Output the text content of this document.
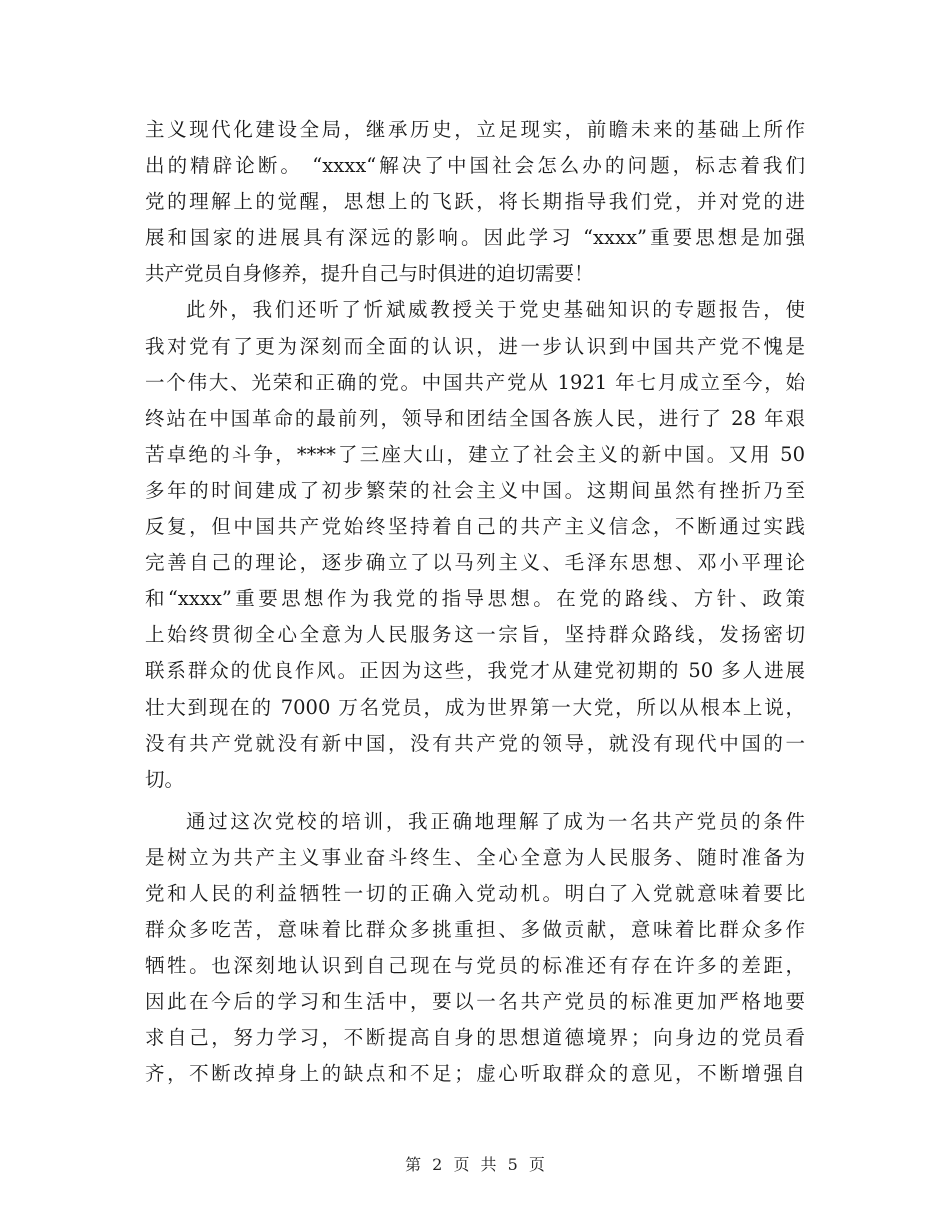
主义现代化建设全局，继承历史，立足现实，前瞻未来的基础上所作
出的精辟论断。 “xxxx“解决了中国社会怎么办的问题，标志着我们
党的理解上的觉醒，思想上的飞跃，将长期指导我们党，并对党的进
展和国家的进展具有深远的影响。因此学习 “xxxx”重要思想是加强
共产党员自身修养，提升自己与时俱进的迫切需要！
此外，我们还听了忻斌威教授关于党史基础知识的专题报告，使
我对党有了更为深刻而全面的认识，进一步认识到中国共产党不愧是
一个伟大、光荣和正确的党。中国共产党从 1921 年七月成立至今，始
终站在中国革命的最前列，领导和团结全国各族人民，进行了 28 年艰
苦卓绝的斗争，****了三座大山，建立了社会主义的新中国。又用 50
多年的时间建成了初步繁荣的社会主义中国。这期间虽然有挫折乃至
反复，但中国共产党始终坚持着自己的共产主义信念，不断通过实践
完善自己的理论，逐步确立了以马列主义、毛泽东思想、邓小平理论
和“xxxx”重要思想作为我党的指导思想。在党的路线、方针、政策
上始终贯彻全心全意为人民服务这一宗旨，坚持群众路线，发扬密切
联系群众的优良作风。正因为这些，我党才从建党初期的 50 多人进展
壮大到现在的 7000 万名党员，成为世界第一大党，所以从根本上说，
没有共产党就没有新中国，没有共产党的领导，就没有现代中国的一
切。
通过这次党校的培训，我正确地理解了成为一名共产党员的条件
是树立为共产主义事业奋斗终生、全心全意为人民服务、随时准备为
党和人民的利益牺牲一切的正确入党动机。明白了入党就意味着要比
群众多吃苦，意味着比群众多挑重担、多做贡献，意味着比群众多作
牺牲。也深刻地认识到自己现在与党员的标准还有存在许多的差距，
因此在今后的学习和生活中，要以一名共产党员的标准更加严格地要
求自己，努力学习，不断提高自身的思想道德境界；向身边的党员看
齐，不断改掉身上的缺点和不足；虚心听取群众的意见，不断增强自
第 2 页 共 5 页
